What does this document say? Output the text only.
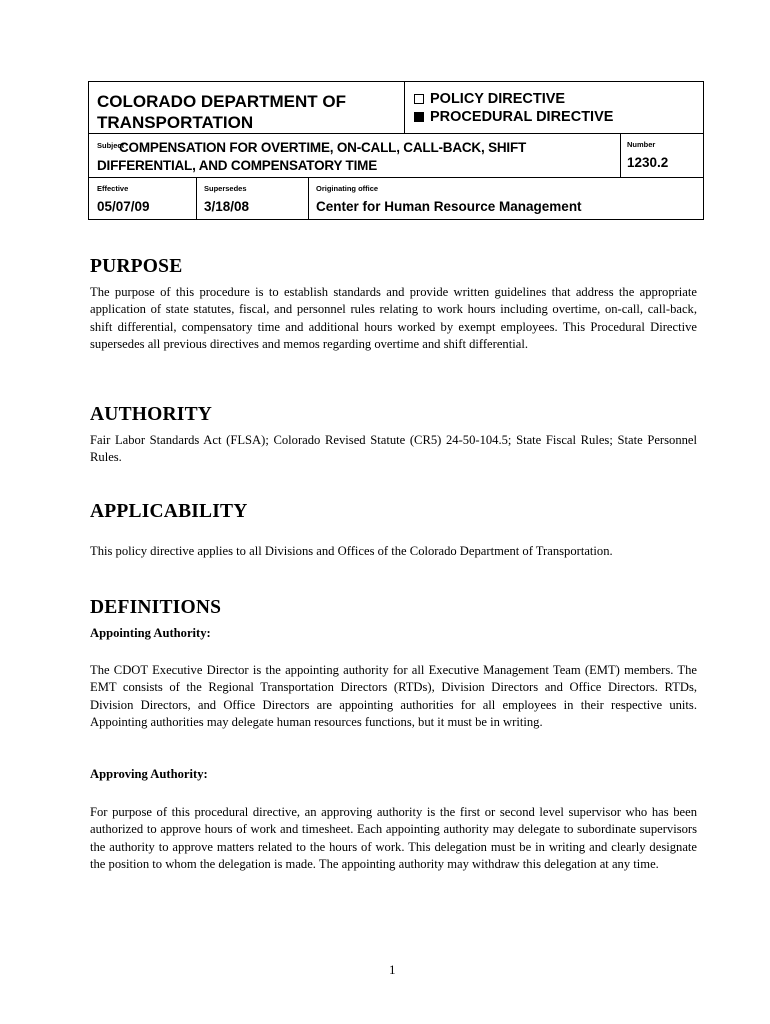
COLORADO DEPARTMENT OF TRANSPORTATION
POLICY DIRECTIVE
PROCEDURAL DIRECTIVE
Subject
COMPENSATION FOR OVERTIME, ON-CALL, CALL-BACK, SHIFT DIFFERENTIAL, AND COMPENSATORY TIME
Number
1230.2
Effective
05/07/09
Supersedes
3/18/08
Originating office
Center for Human Resource Management
PURPOSE
The purpose of this procedure is to establish standards and provide written guidelines that address the appropriate application of state statutes, fiscal, and personnel rules relating to work hours including overtime, on-call, call-back, shift differential, compensatory time and additional hours worked by exempt employees. This Procedural Directive supersedes all previous directives and memos regarding overtime and shift differential.
AUTHORITY
Fair Labor Standards Act (FLSA); Colorado Revised Statute (CR5) 24-50-104.5; State Fiscal Rules; State Personnel Rules.
APPLICABILITY
This policy directive applies to all Divisions and Offices of the Colorado Department of Transportation.
DEFINITIONS
Appointing Authority:
The CDOT Executive Director is the appointing authority for all Executive Management Team (EMT) members. The EMT consists of the Regional Transportation Directors (RTDs), Division Directors and Office Directors. RTDs, Division Directors, and Office Directors are appointing authorities for all employees in their respective units. Appointing authorities may delegate human resources functions, but it must be in writing.
Approving Authority:
For purpose of this procedural directive, an approving authority is the first or second level supervisor who has been authorized to approve hours of work and timesheet. Each appointing authority may delegate to subordinate supervisors the authority to approve matters related to the hours of work. This delegation must be in writing and clearly designate the position to whom the delegation is made. The appointing authority may withdraw this delegation at any time.
1
